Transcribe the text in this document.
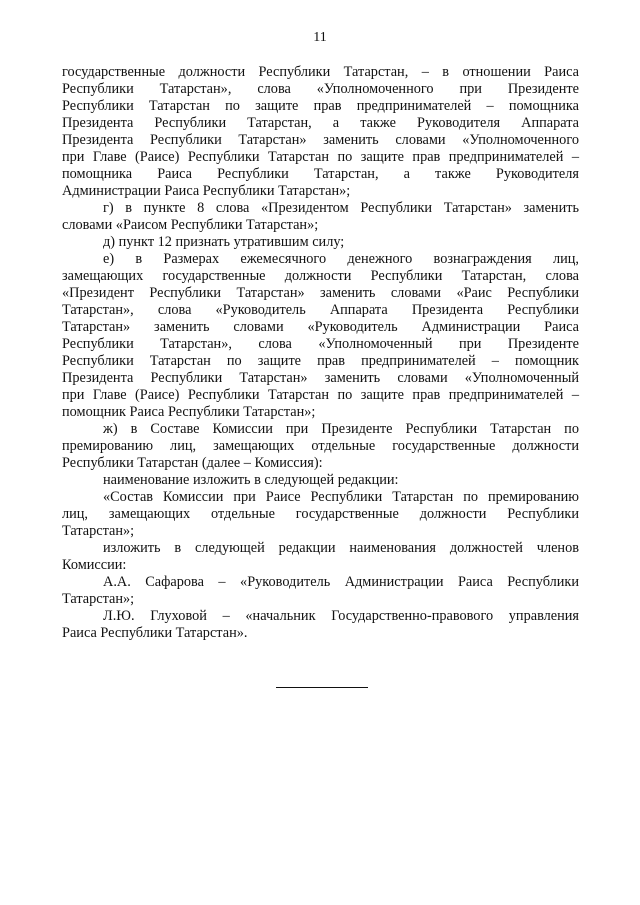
11
государственные должности Республики Татарстан, – в отношении Раиса
Республики Татарстан», слова «Уполномоченного при Президенте
Республики Татарстан по защите прав предпринимателей – помощника
Президента Республики Татарстан, а также Руководителя Аппарата
Президента Республики Татарстан» заменить словами «Уполномоченного
при Главе (Раисе) Республики Татарстан по защите прав предпринимателей –
помощника Раиса Республики Татарстан, а также Руководителя
Администрации Раиса Республики Татарстан»;
г) в пункте 8 слова «Президентом Республики Татарстан» заменить
словами «Раисом Республики Татарстан»;
д) пункт 12 признать утратившим силу;
е) в Размерах ежемесячного денежного вознаграждения лиц,
замещающих государственные должности Республики Татарстан, слова
«Президент Республики Татарстан» заменить словами «Раис Республики
Татарстан», слова «Руководитель Аппарата Президента Республики
Татарстан» заменить словами «Руководитель Администрации Раиса
Республики Татарстан», слова «Уполномоченный при Президенте
Республики Татарстан по защите прав предпринимателей – помощник
Президента Республики Татарстан» заменить словами «Уполномоченный
при Главе (Раисе) Республики Татарстан по защите прав предпринимателей –
помощник Раиса Республики Татарстан»;
ж) в Составе Комиссии при Президенте Республики Татарстан по
премированию лиц, замещающих отдельные государственные должности
Республики Татарстан (далее – Комиссия):
наименование изложить в следующей редакции:
«Состав Комиссии при Раисе Республики Татарстан по премированию
лиц, замещающих отдельные государственные должности Республики
Татарстан»;
изложить в следующей редакции наименования должностей членов
Комиссии:
А.А. Сафарова – «Руководитель Администрации Раиса Республики
Татарстан»;
Л.Ю. Глуховой – «начальник Государственно-правового управления
Раиса Республики Татарстан».
